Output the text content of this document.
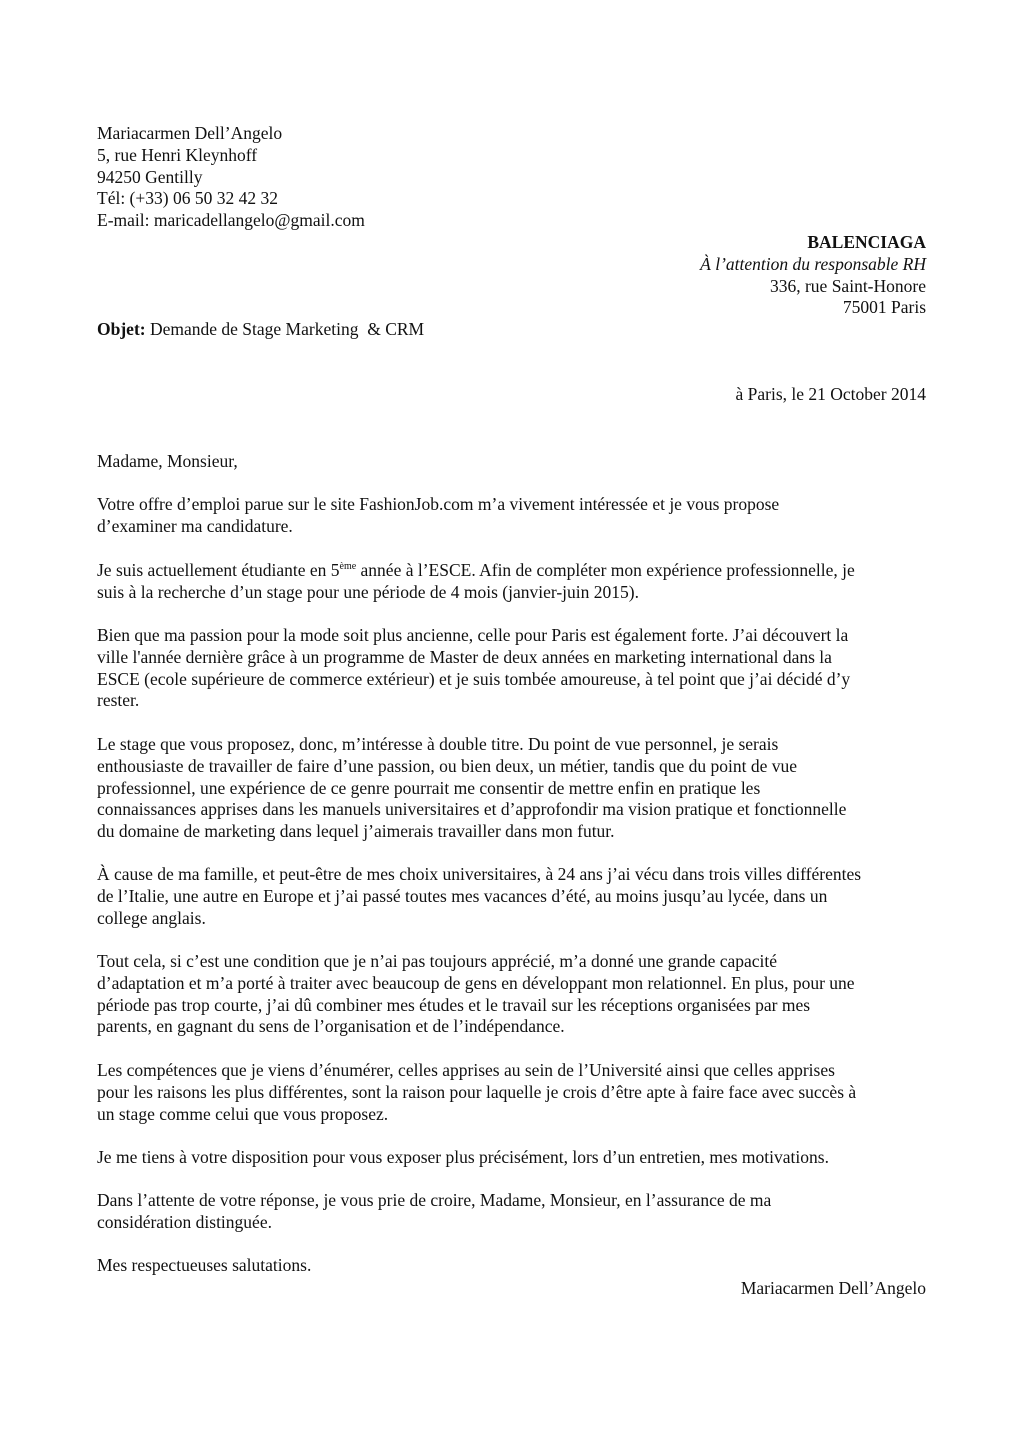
Mariacarmen Dell’Angelo

5, rue Henri Kleynhoff

94250 Gentilly

Tél: (+33) 06 50 32 42 32

E-mail: maricadellangelo@gmail.com

BALENCIAGA

À l’attention du responsable RH

336, rue Saint-Honore

75001 Paris

Objet: Demande de Stage Marketing  & CRM

à Paris, le 21 October 2014

Madame, Monsieur,

Votre offre d’emploi parue sur le site FashionJob.com m’a vivement intéressée et je vous propose
d’examiner ma candidature.
Je suis actuellement étudiante en 5ème année à l’ESCE. Afin de compléter mon expérience professionnelle, je
suis à la recherche d’un stage pour une période de 4 mois (janvier-juin 2015).
Bien que ma passion pour la mode soit plus ancienne, celle pour Paris est également forte. J’ai découvert la
ville l'année dernière grâce à un programme de Master de deux années en marketing international dans la
ESCE (ecole supérieure de commerce extérieur) et je suis tombée amoureuse, à tel point que j’ai décidé d’y
rester.
Le stage que vous proposez, donc, m’intéresse à double titre. Du point de vue personnel, je serais
enthousiaste de travailler de faire d’une passion, ou bien deux, un métier, tandis que du point de vue
professionnel, une expérience de ce genre pourrait me consentir de mettre enfin en pratique les
connaissances apprises dans les manuels universitaires et d’approfondir ma vision pratique et fonctionnelle
du domaine de marketing dans lequel j’aimerais travailler dans mon futur.
À cause de ma famille, et peut-être de mes choix universitaires, à 24 ans j’ai vécu dans trois villes différentes
de l’Italie, une autre en Europe et j’ai passé toutes mes vacances d’été, au moins jusqu’au lycée, dans un
college anglais.
Tout cela, si c’est une condition que je n’ai pas toujours apprécié, m’a donné une grande capacité
d’adaptation et m’a porté à traiter avec beaucoup de gens en développant mon relationnel. En plus, pour une
période pas trop courte, j’ai dû combiner mes études et le travail sur les réceptions organisées par mes
parents, en gagnant du sens de l’organisation et de l’indépendance.
Les compétences que je viens d’énumérer, celles apprises au sein de l’Université ainsi que celles apprises
pour les raisons les plus différentes, sont la raison pour laquelle je crois d’être apte à faire face avec succès à
un stage comme celui que vous proposez.
Je me tiens à votre disposition pour vous exposer plus précisément, lors d’un entretien, mes motivations.
Dans l’attente de votre réponse, je vous prie de croire, Madame, Monsieur, en l’assurance de ma
considération distinguée.
Mes respectueuses salutations.

Mariacarmen Dell’Angelo
